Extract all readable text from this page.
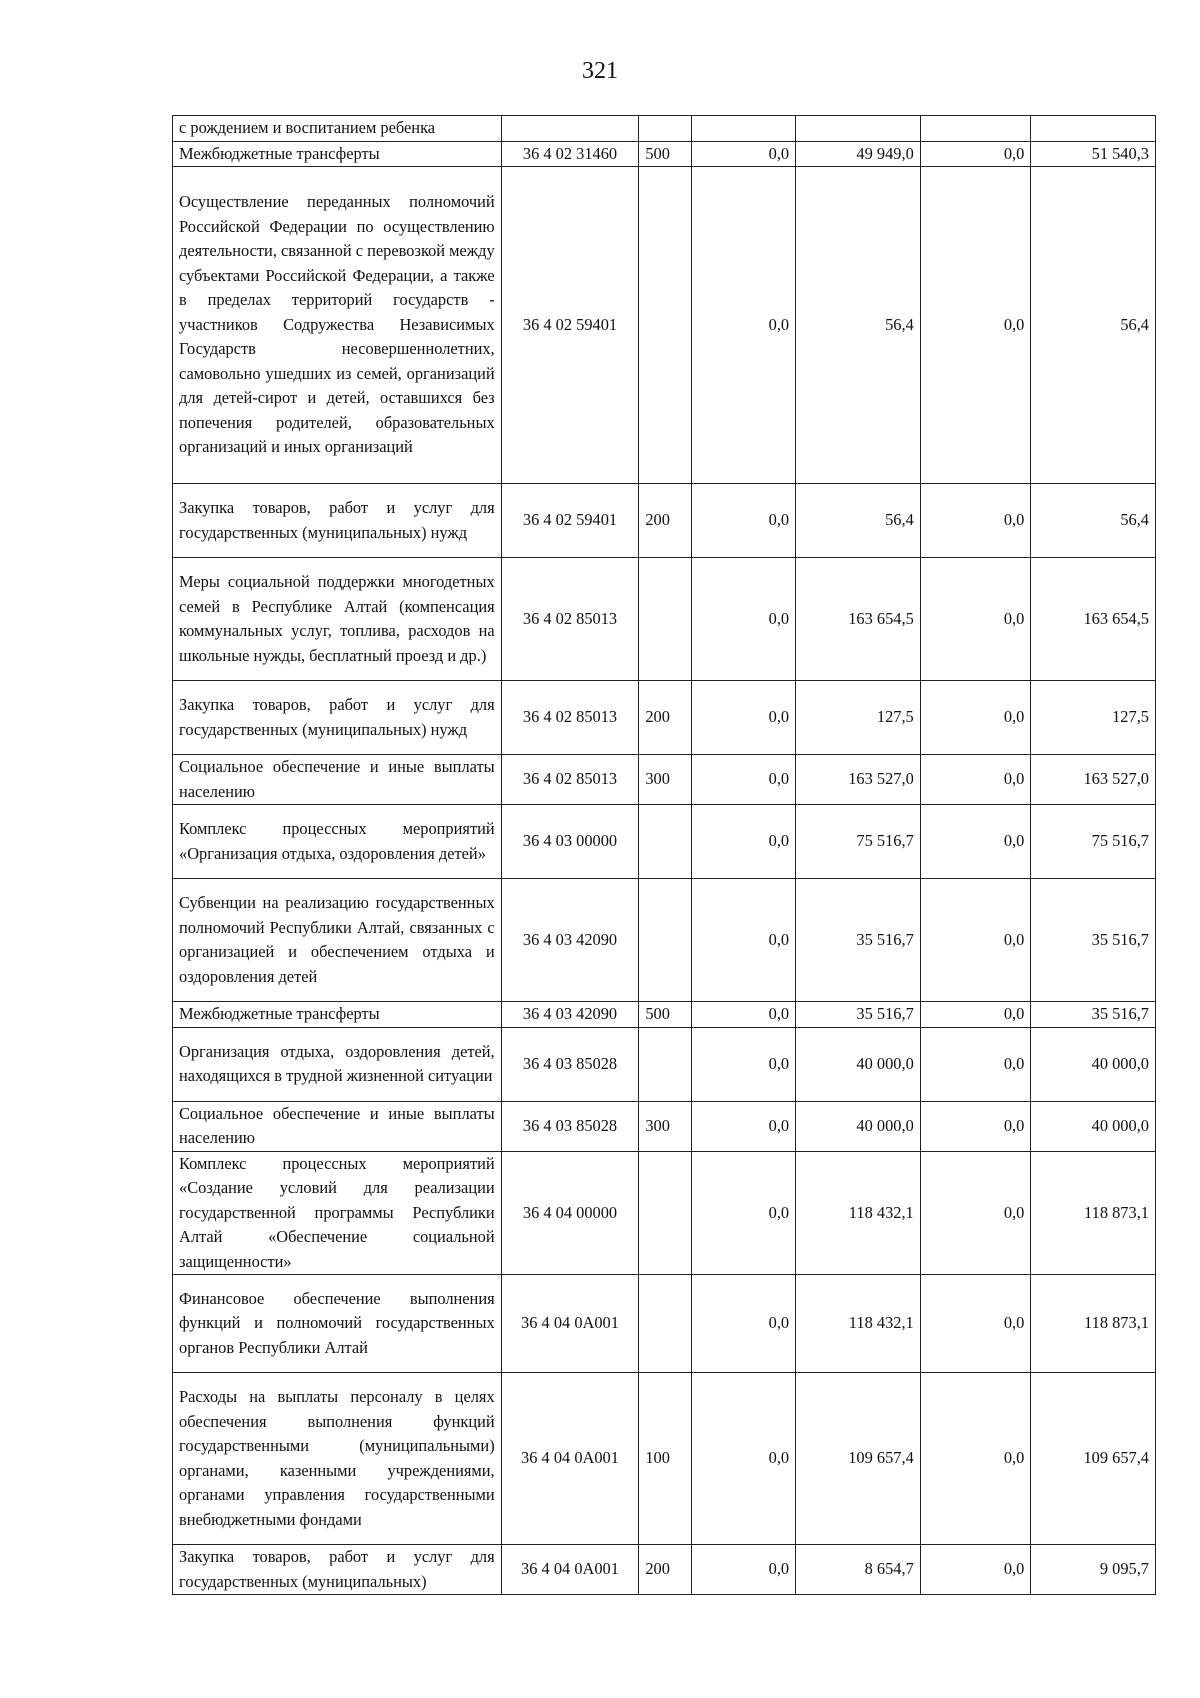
321
с рождением и воспитанием ребенка						
Межбюджетные трансферты	36 4 02 31460	500	0,0	49 949,0	0,0	51 540,3
Осуществление переданных полномочий Российской Федерации по осуществлению деятельности, связанной с перевозкой между субъектами Российской Федерации, а также в пределах территорий государств - участников Содружества Независимых Государств несовершеннолетних, самовольно ушедших из семей, организаций для детей-сирот и детей, оставшихся без попечения родителей, образовательных организаций и иных организаций	36 4 02 59401		0,0	56,4	0,0	56,4
Закупка товаров, работ и услуг для государственных (муниципальных) нужд	36 4 02 59401	200	0,0	56,4	0,0	56,4
Меры социальной поддержки многодетных семей в Республике Алтай (компенсация коммунальных услуг, топлива, расходов на школьные нужды, бесплатный проезд и др.)	36 4 02 85013		0,0	163 654,5	0,0	163 654,5
Закупка товаров, работ и услуг для государственных (муниципальных) нужд	36 4 02 85013	200	0,0	127,5	0,0	127,5
Социальное обеспечение и иные выплаты населению	36 4 02 85013	300	0,0	163 527,0	0,0	163 527,0
Комплекс процессных мероприятий «Организация отдыха, оздоровления детей»	36 4 03 00000		0,0	75 516,7	0,0	75 516,7
Субвенции на реализацию государственных полномочий Республики Алтай, связанных с организацией и обеспечением отдыха и оздоровления детей	36 4 03 42090		0,0	35 516,7	0,0	35 516,7
Межбюджетные трансферты	36 4 03 42090	500	0,0	35 516,7	0,0	35 516,7
Организация отдыха, оздоровления детей, находящихся в трудной жизненной ситуации	36 4 03 85028		0,0	40 000,0	0,0	40 000,0
Социальное обеспечение и иные выплаты населению	36 4 03 85028	300	0,0	40 000,0	0,0	40 000,0
Комплекс процессных мероприятий «Создание условий для реализации государственной программы Республики Алтай «Обеспечение социальной защищенности»	36 4 04 00000		0,0	118 432,1	0,0	118 873,1
Финансовое обеспечение выполнения функций и полномочий государственных органов Республики Алтай	36 4 04 0А001		0,0	118 432,1	0,0	118 873,1
Расходы на выплаты персоналу в целях обеспечения выполнения функций государственными (муниципальными) органами, казенными учреждениями, органами управления государственными внебюджетными фондами	36 4 04 0А001	100	0,0	109 657,4	0,0	109 657,4
Закупка товаров, работ и услуг для государственных (муниципальных)	36 4 04 0А001	200	0,0	8 654,7	0,0	9 095,7
